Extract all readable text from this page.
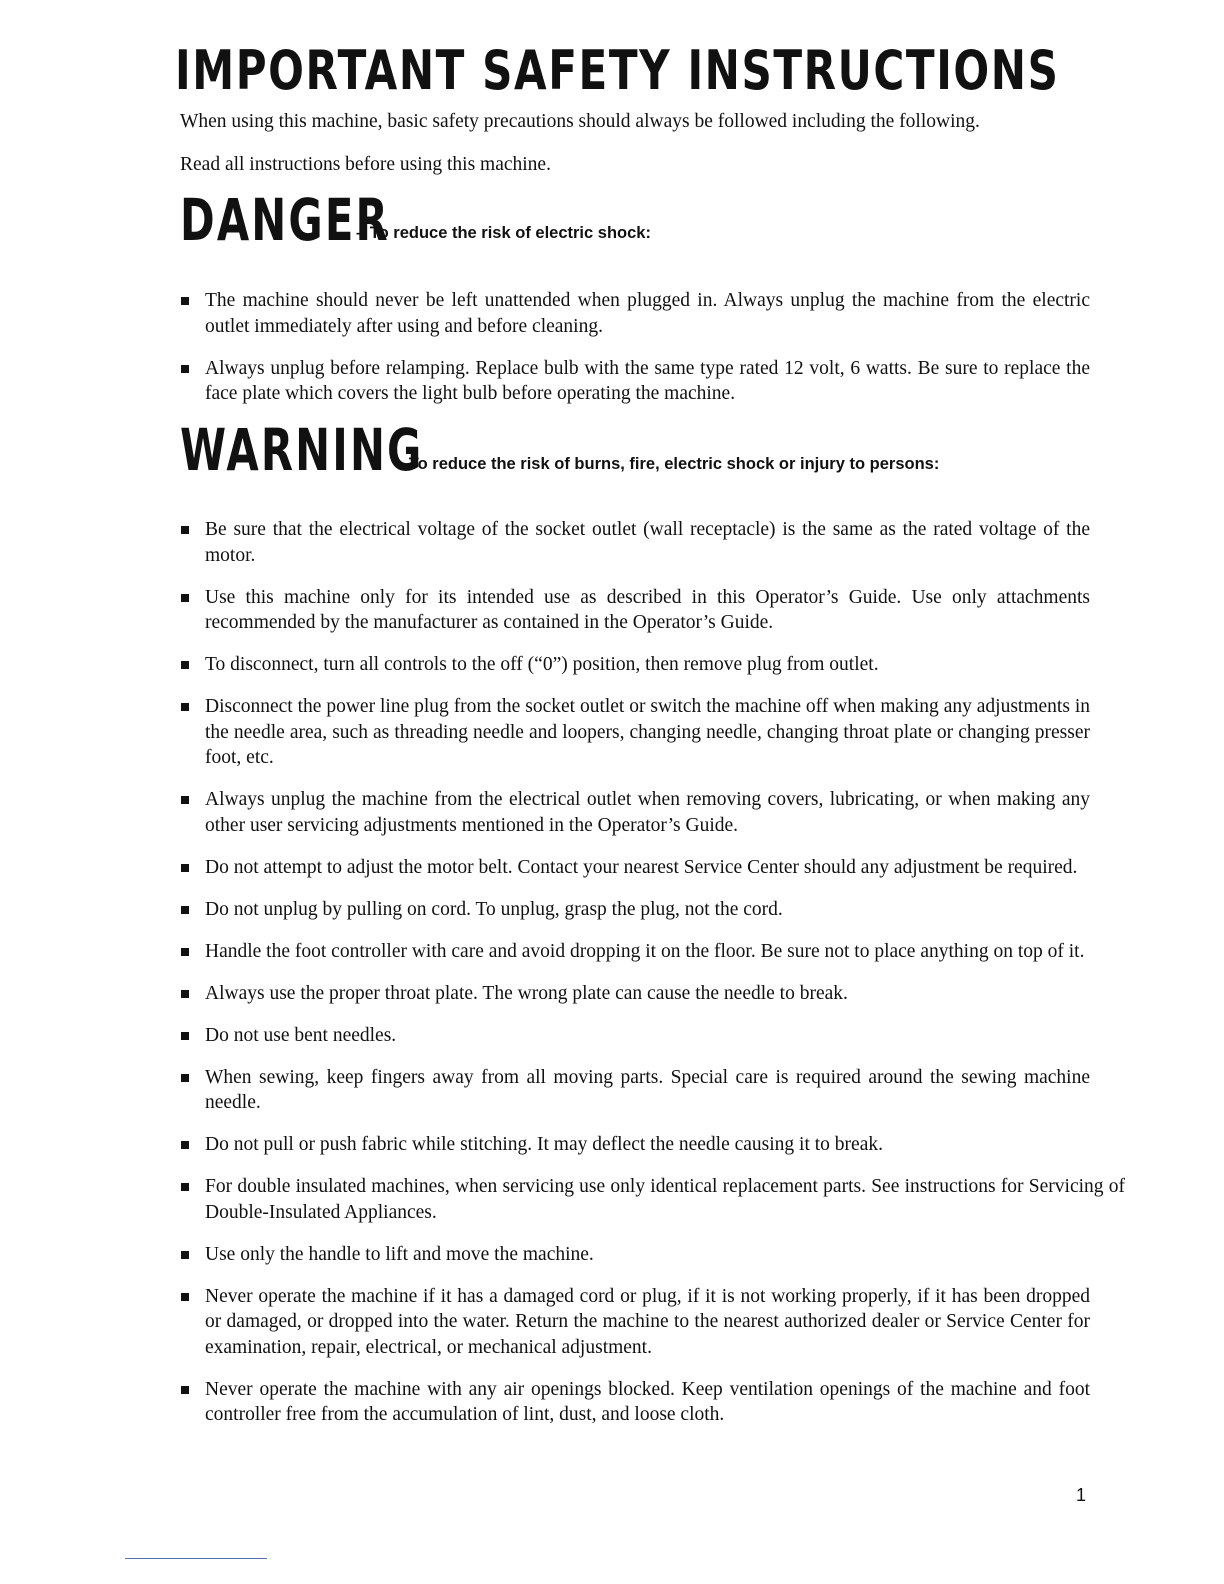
IMPORTANT SAFETY INSTRUCTIONS
When using this machine, basic safety precautions should always be followed including the following.
Read all instructions before using this machine.
DANGER
– To reduce the risk of electric shock:
The machine should never be left unattended when plugged in. Always unplug the machine from the electric outlet immediately after using and before cleaning.
Always unplug before relamping. Replace bulb with the same type rated 12 volt, 6 watts. Be sure to replace the face plate which covers the light bulb before operating the machine.
WARNING
– To reduce the risk of burns, fire, electric shock or injury to persons:
Be sure that the electrical voltage of the socket outlet (wall receptacle) is the same as the rated voltage of the motor.
Use this machine only for its intended use as described in this Operator’s Guide. Use only attachments recommended by the manufacturer as contained in the Operator’s Guide.
To disconnect, turn all controls to the off (“0”) position, then remove plug from outlet.
Disconnect the power line plug from the socket outlet or switch the machine off when making any adjustments in the needle area, such as threading needle and loopers, changing needle, changing throat plate or changing presser foot, etc.
Always unplug the machine from the electrical outlet when removing covers, lubricating, or when making any other user servicing adjustments mentioned in the Operator’s Guide.
Do not attempt to adjust the motor belt. Contact your nearest Service Center should any adjustment be required.
Do not unplug by pulling on cord. To unplug, grasp the plug, not the cord.
Handle the foot controller with care and avoid dropping it on the floor. Be sure not to place anything on top of it.
Always use the proper throat plate. The wrong plate can cause the needle to break.
Do not use bent needles.
When sewing, keep fingers away from all moving parts. Special care is required around the sewing machine needle.
Do not pull or push fabric while stitching. It may deflect the needle causing it to break.
For double insulated machines, when servicing use only identical replacement parts. See instructions for Servicing of Double-Insulated Appliances.
Use only the handle to lift and move the machine.
Never operate the machine if it has a damaged cord or plug, if it is not working properly, if it has been dropped or damaged, or dropped into the water. Return the machine to the nearest authorized dealer or Service Center for examination, repair, electrical, or mechanical adjustment.
Never operate the machine with any air openings blocked. Keep ventilation openings of the machine and foot controller free from the accumulation of lint, dust, and loose cloth.
1
